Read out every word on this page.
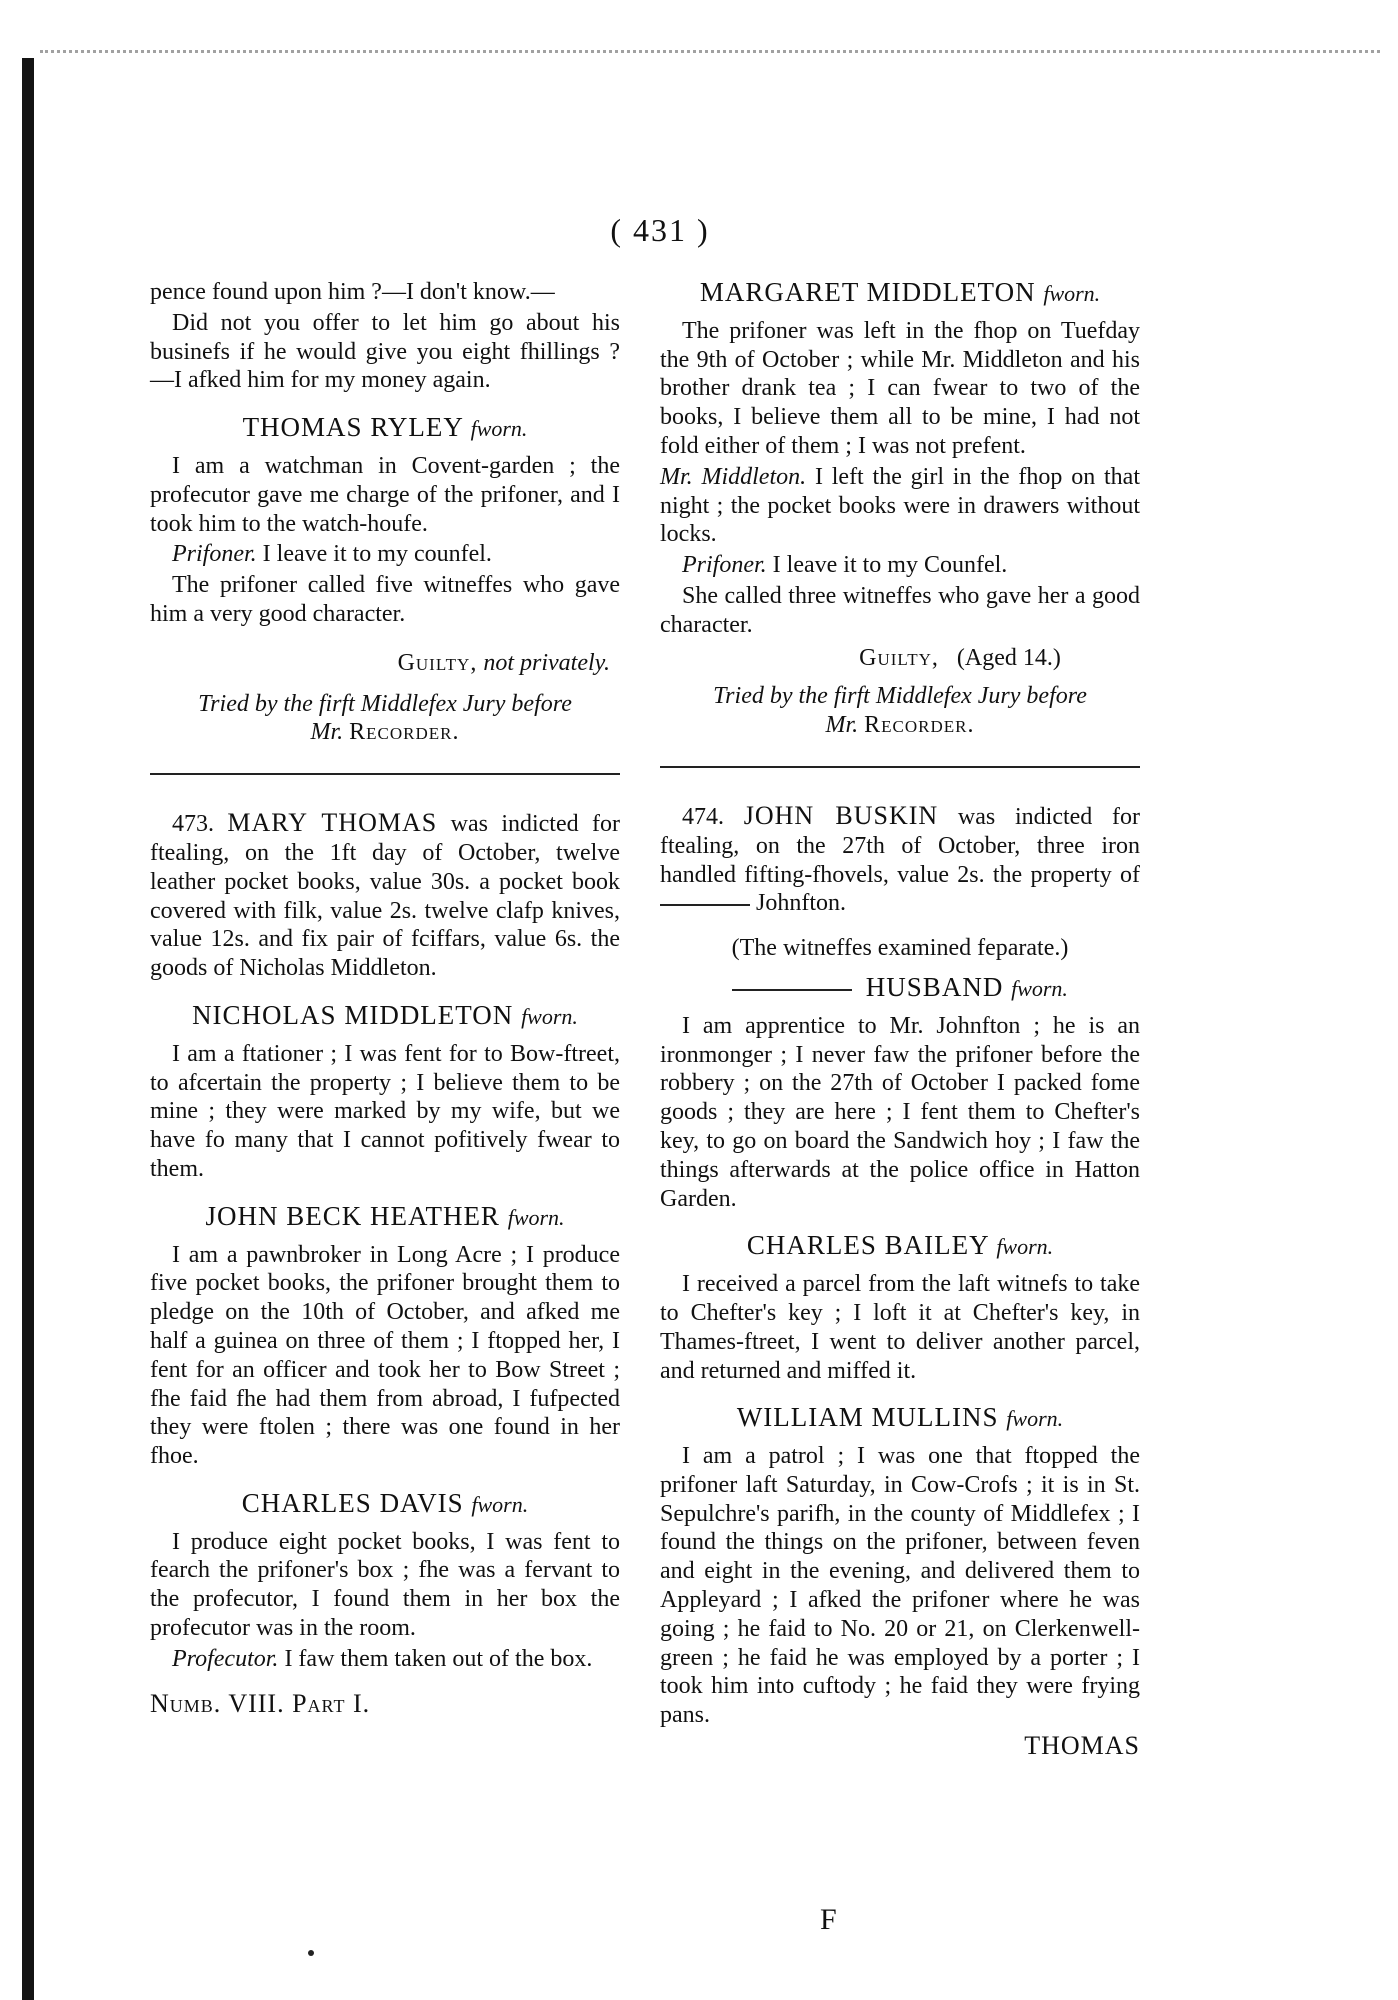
( 431 )

pence found upon him ?—I don't know.—

Did not you offer to let him go about his businefs if he would give you eight fhillings ? —I afked him for my money again.

THOMAS RYLEY fworn.

I am a watchman in Covent-garden ; the profecutor gave me charge of the prifoner, and I took him to the watch-houfe.

Prifoner. I leave it to my counfel.

The prifoner called five witneffes who gave him a very good character.

Guilty, not privately.
Tried by the firft Middlefex Jury before
Mr. Recorder.

473. MARY THOMAS was indicted for ftealing, on the 1ft day of October, twelve leather pocket books, value 30s. a pocket book covered with filk, value 2s. twelve clafp knives, value 12s. and fix pair of fciffars, value 6s. the goods of Nicholas Middleton.

NICHOLAS MIDDLETON fworn.

I am a ftationer ; I was fent for to Bow-ftreet, to afcertain the property ; I believe them to be mine ; they were marked by my wife, but we have fo many that I cannot pofitively fwear to them.

JOHN BECK HEATHER fworn.

I am a pawnbroker in Long Acre ; I produce five pocket books, the prifoner brought them to pledge on the 10th of October, and afked me half a guinea on three of them ; I ftopped her, I fent for an officer and took her to Bow Street ; fhe faid fhe had them from abroad, I fufpected they were ftolen ; there was one found in her fhoe.

CHARLES DAVIS fworn.

I produce eight pocket books, I was fent to fearch the prifoner's box ; fhe was a fervant to the profecutor, I found them in her box the profecutor was in the room.

Profecutor. I faw them taken out of the box.

Numb. VIII. Part I.
MARGARET MIDDLETON fworn.

The prifoner was left in the fhop on Tuefday the 9th of October ; while Mr. Middleton and his brother drank tea ; I can fwear to two of the books, I believe them all to be mine, I had not fold either of them ; I was not prefent.

Mr. Middleton. I left the girl in the fhop on that night ; the pocket books were in drawers without locks.

Prifoner. I leave it to my Counfel.

She called three witneffes who gave her a good character.

Guilty, (Aged 14.)
Tried by the firft Middlefex Jury before
Mr. Recorder.

474. JOHN BUSKIN was indicted for ftealing, on the 27th of October, three iron handled fifting-fhovels, value 2s. the property of Johnfton.

(The witneffes examined feparate.)
HUSBAND fworn.

I am apprentice to Mr. Johnfton ; he is an ironmonger ; I never faw the prifoner before the robbery ; on the 27th of October I packed fome goods ; they are here ; I fent them to Chefter's key, to go on board the Sandwich hoy ; I faw the things afterwards at the police office in Hatton Garden.

CHARLES BAILEY fworn.

I received a parcel from the laft witnefs to take to Chefter's key ; I loft it at Chefter's key, in Thames-ftreet, I went to deliver another parcel, and returned and miffed it.

WILLIAM MULLINS fworn.

I am a patrol ; I was one that ftopped the prifoner laft Saturday, in Cow-Crofs ; it is in St. Sepulchre's parifh, in the county of Middlefex ; I found the things on the prifoner, between feven and eight in the evening, and delivered them to Appleyard ; I afked the prifoner where he was going ; he faid to No. 20 or 21, on Clerkenwell-green ; he faid he was employed by a porter ; I took him into cuftody ; he faid they were frying pans.

THOMAS
F
